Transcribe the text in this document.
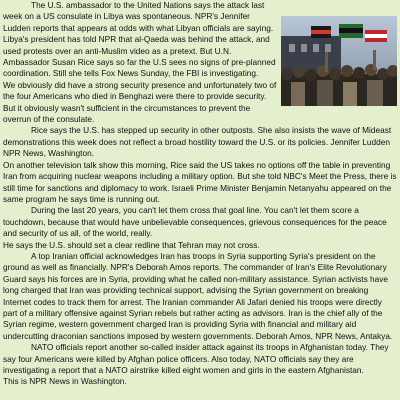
The U.S. ambassador to the United Nations says the attack last week on a US consulate in Libya was spontaneous. NPR's Jennifer Ludden reports that appears at odds with what Libyan officials are saying. Libya's president has told NPR that al-Qaeda was behind the attack, and used protests over an anti-Muslim video as a pretext. But U.N. Ambassador Susan Rice says so far the U.S sees no signs of pre-planned coordination. Still she tells Fox News Sunday, the FBI is investigating.

We obviously did have a strong security presence and unfortunately two of the four Americans who died in Benghazi were there to provide security. But it obviously wasn't sufficient in the circumstances to prevent the overrun of the consulate.

Rice says the U.S. has stepped up security in other outposts. She also insists the wave of Mideast demonstrations this week does not reflect a broad hostility toward the U.S. or its policies. Jennifer Ludden NPR News, Washington.

On another television talk show this morning, Rice said the US takes no options off the table in preventing Iran from acquiring nuclear weapons including a military option. But she told NBC's Meet the Press, there is still time for sanctions and diplomacy to work. Israeli Prime Minister Benjamin Netanyahu appeared on the same program he says time is running out.

During the last 20 years, you can't let them cross that goal line. You can't let them score a touchdown, because that would have unbelievable consequences, grievous consequences for the peace and security of us all, of the world, really.

He says the U.S. should set a clear redline that Tehran may not cross.

A top Iranian official acknowledges Iran has troops in Syria supporting Syria's president on the ground as well as financially. NPR's Deborah Amos reports. The commander of Iran's Elite Revolutionary Guard says his forces are in Syria, providing what he called non-military assistance. Syrian activists have long charged that Iran was providing technical support, advising the Syrian government on breaking Internet codes to track them for arrest. The Iranian commander Ali Jafari denied his troops were directly part of a military offensive against Syrian rebels but rather acting as advisors. Iran is the chief ally of the Syrian regime, western government charged Iran is providing Syria with financial and military aid undercutting draconian sanctions imposed by western governments. Deborah Amos, NPR News, Antakya.

NATO officials report another so-called insider attack against its troops in Afghanistan today. They say four Americans were killed by Afghan police officers. Also today, NATO officials say they are investigating a report that a NATO airstrike killed eight women and girls in the eastern Afghanistan.

This is NPR News in Washington.
